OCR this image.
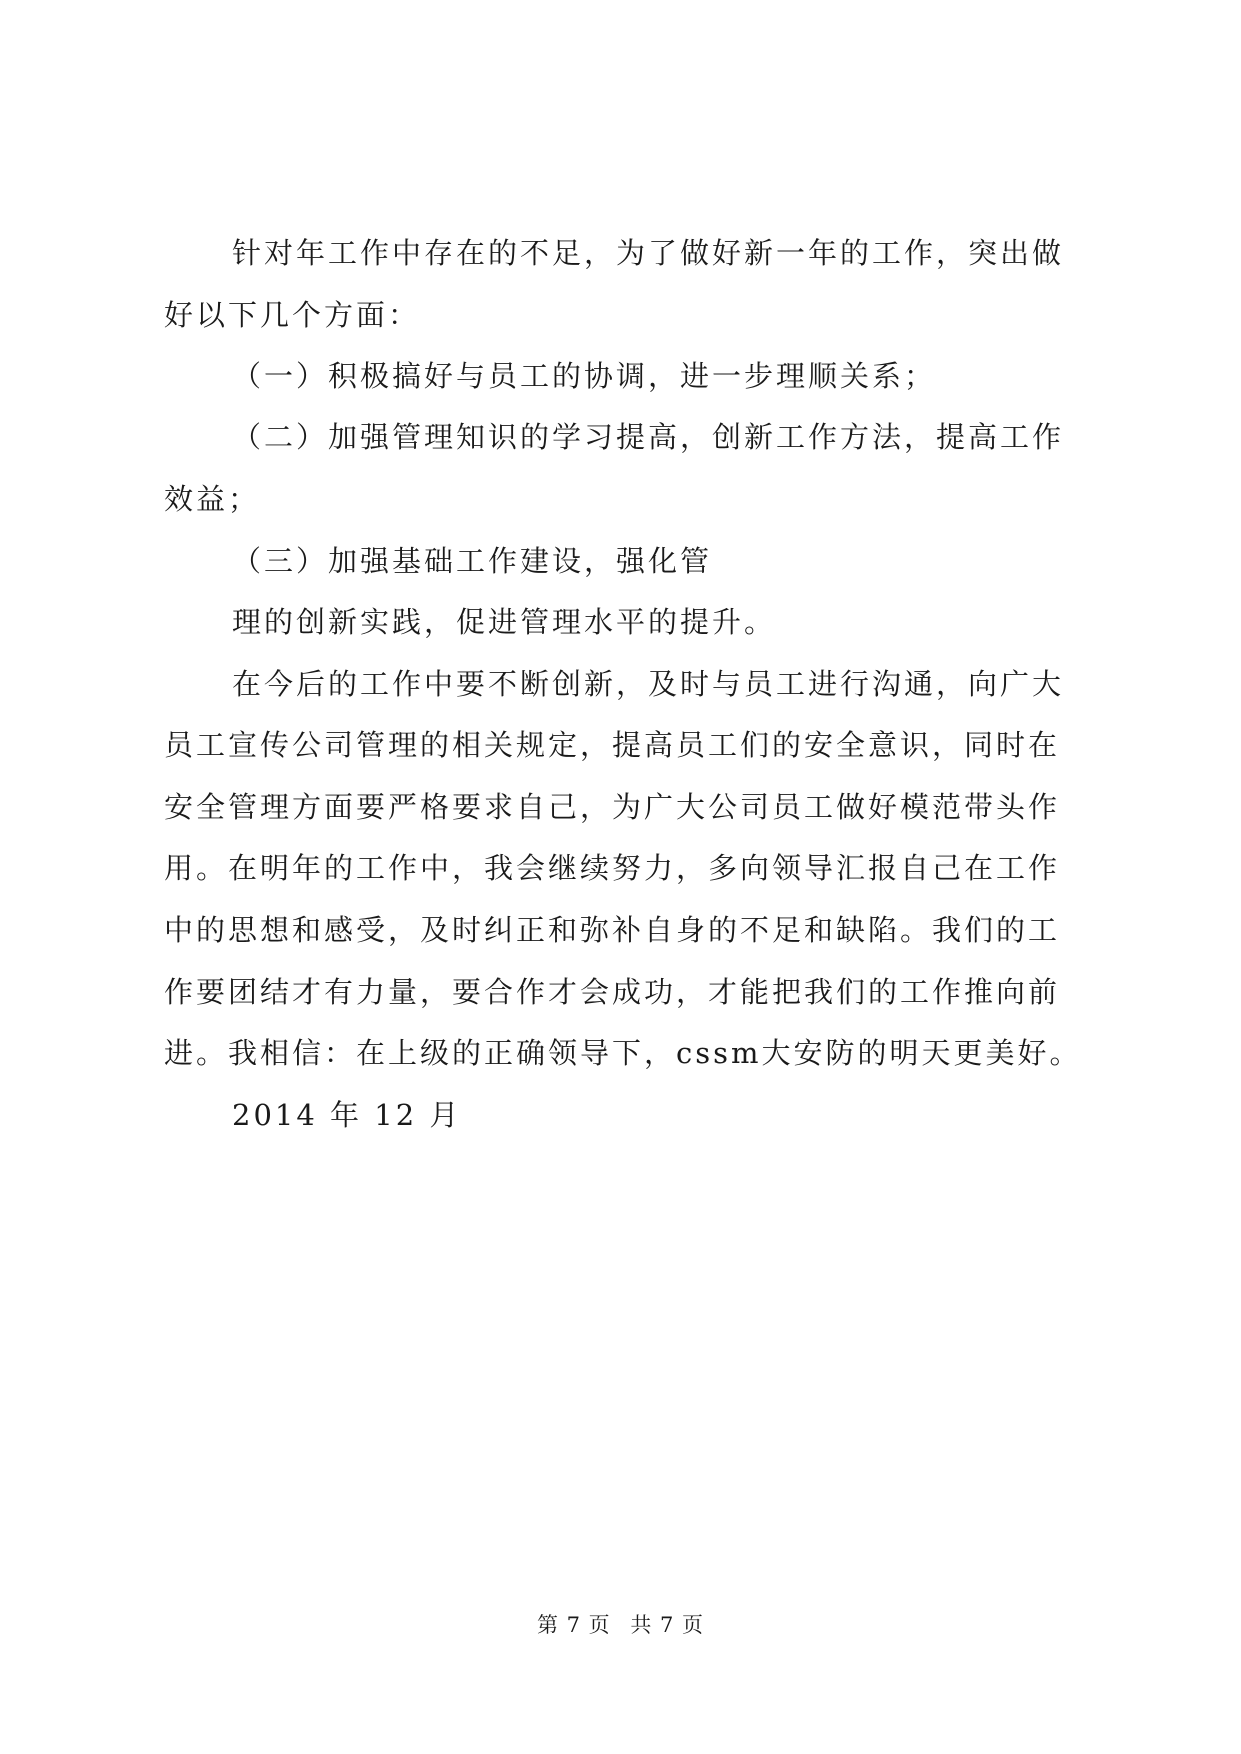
针对年工作中存在的不足，为了做好新一年的工作，突出做
好以下几个方面：
（一）积极搞好与员工的协调，进一步理顺关系；
（二）加强管理知识的学习提高，创新工作方法，提高工作
效益；
（三）加强基础工作建设，强化管
理的创新实践，促进管理水平的提升。
在今后的工作中要不断创新，及时与员工进行沟通，向广大
员工宣传公司管理的相关规定，提高员工们的安全意识，同时在
安全管理方面要严格要求自己，为广大公司员工做好模范带头作
用。在明年的工作中，我会继续努力，多向领导汇报自己在工作
中的思想和感受，及时纠正和弥补自身的不足和缺陷。我们的工
作要团结才有力量，要合作才会成功，才能把我们的工作推向前
进。我相信：在上级的正确领导下，cssm大安防的明天更美好。
2014 年 12 月
第 7 页 共 7 页
